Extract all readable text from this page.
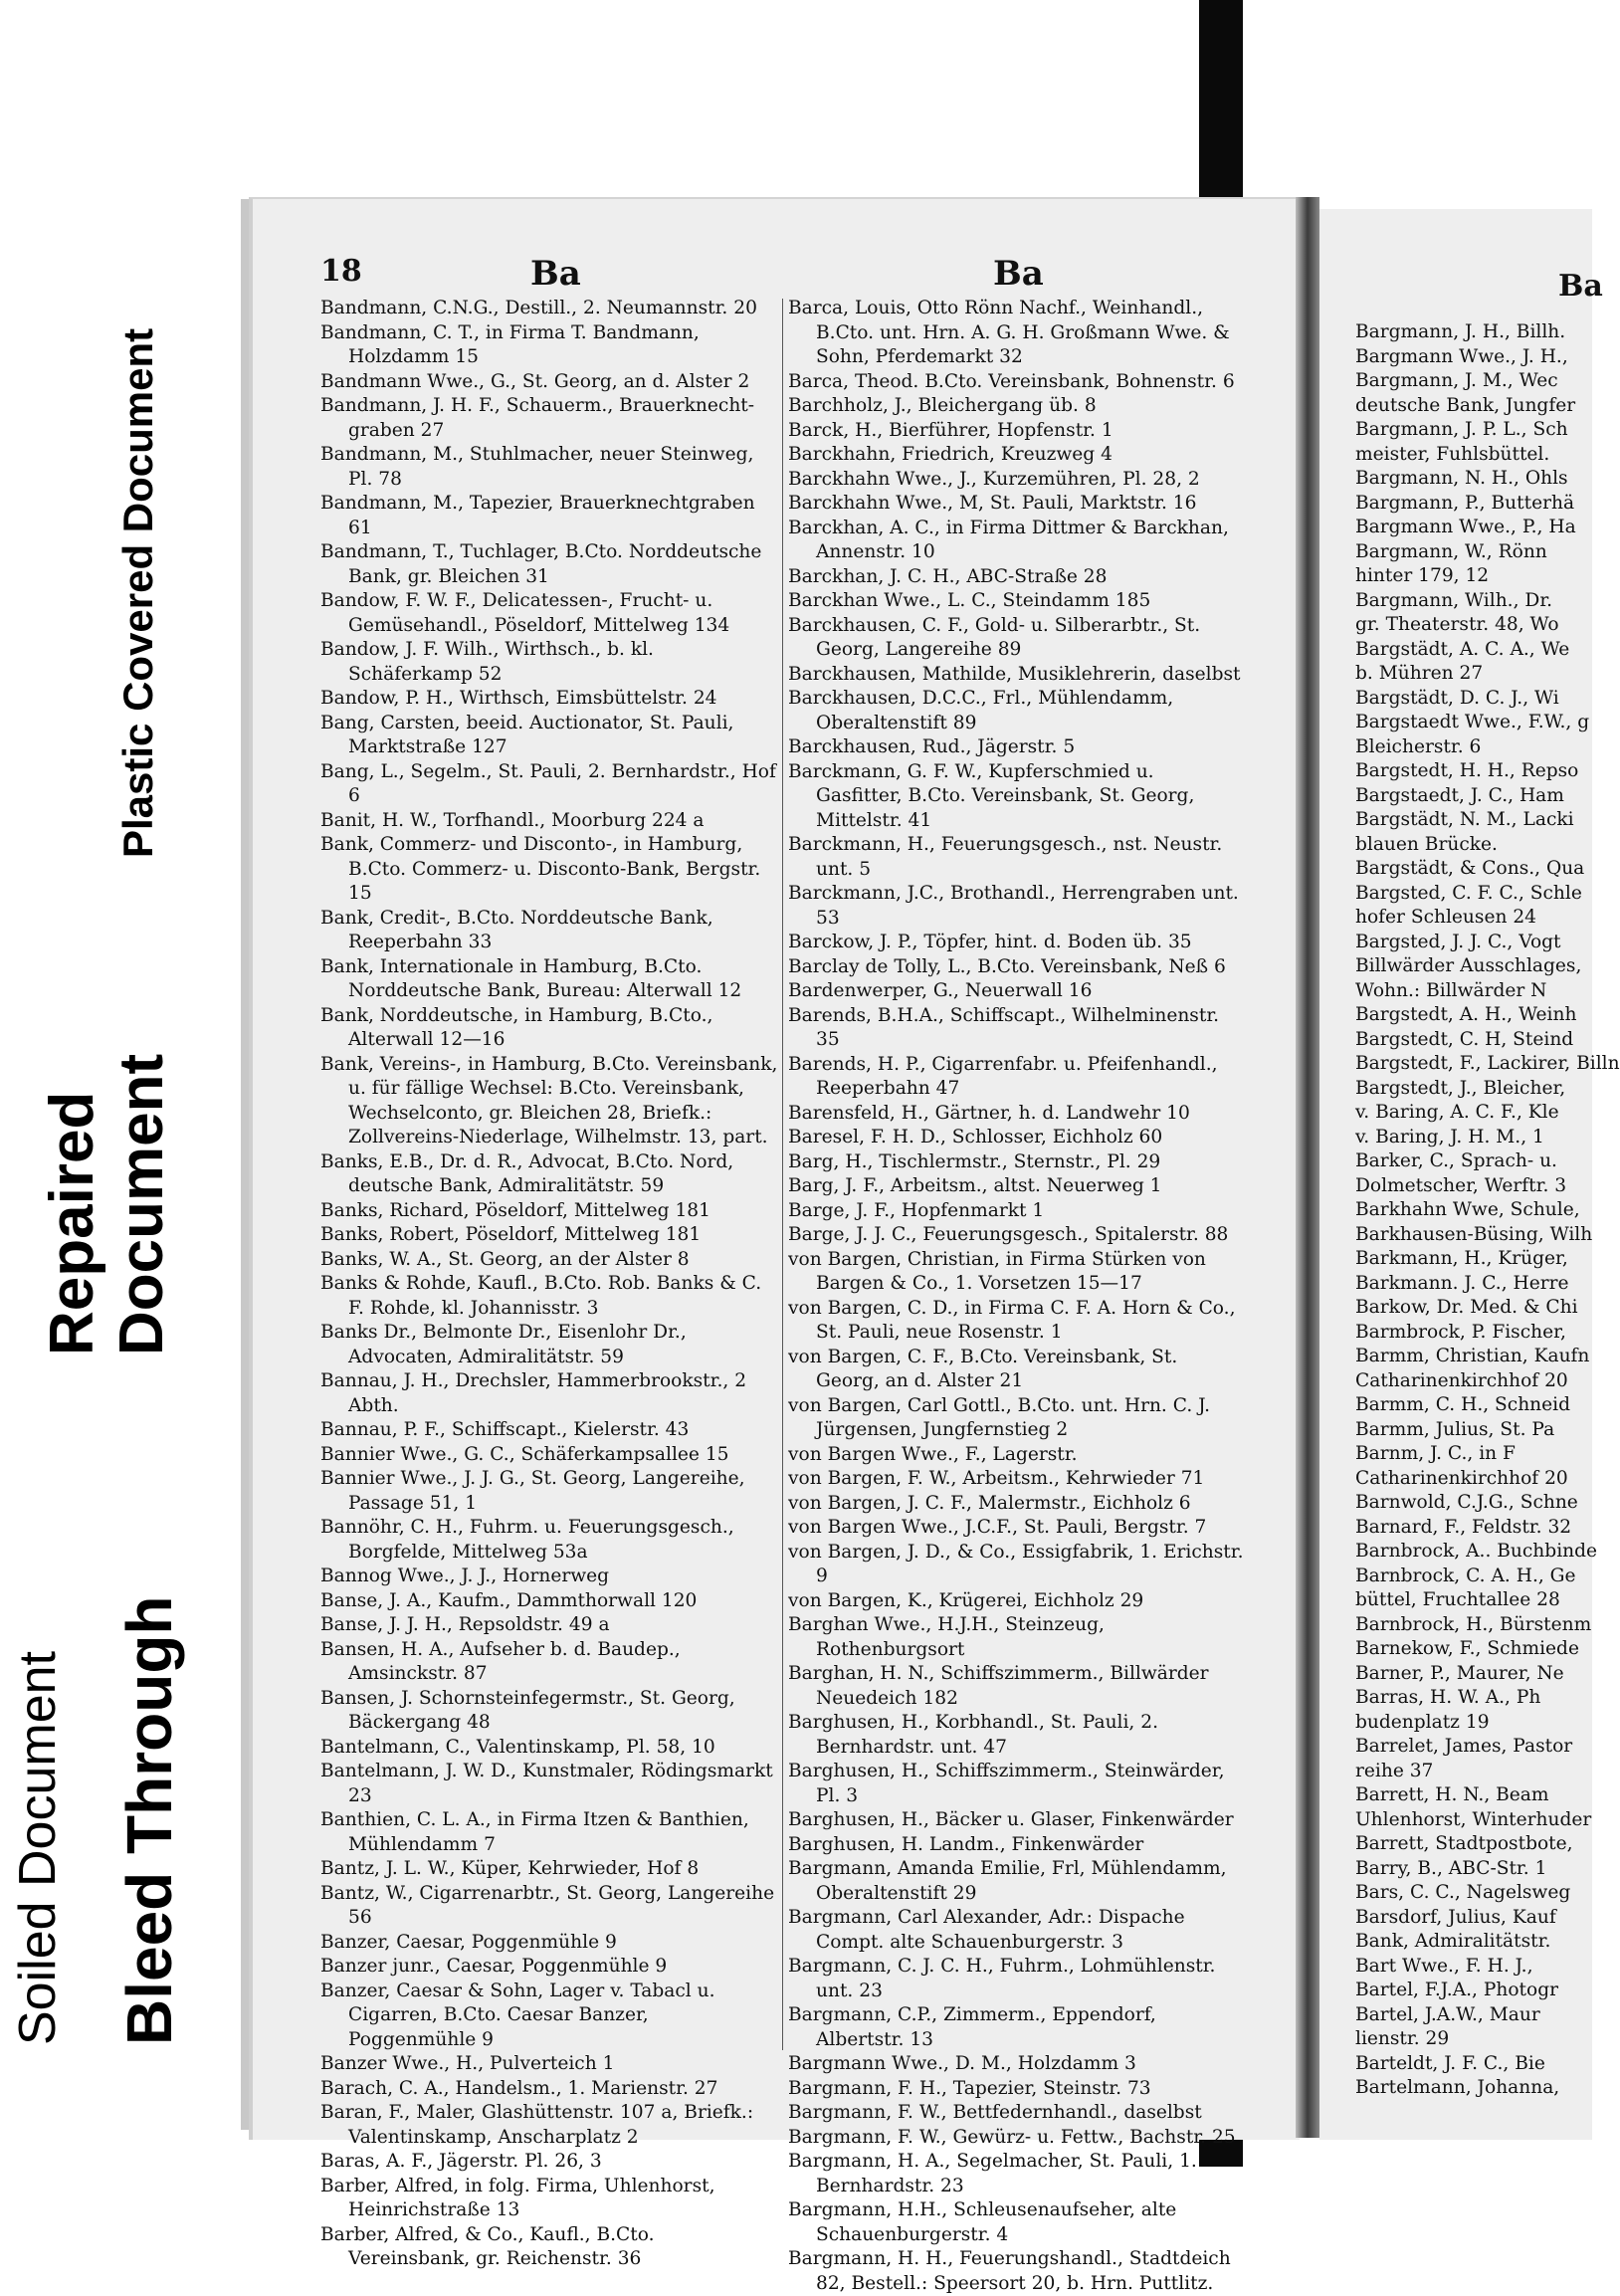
Plastic Covered Document
Repaired Document
Soiled Document Bleed Through
18	Ba	Ba	Ba
Bandmann, C.N.G., Destill., 2. Neumannstr. 20
Bandmann, C. T., in Firma T. Bandmann, Holzdamm 15
Bandmann Wwe., G., St. Georg, an d. Alster 2
Bandmann, J. H. F., Schauerm., Brauerknecht-graben 27
Bandmann, M., Stuhlmacher, neuer Steinweg, Pl. 78
Bandmann, M., Tapezier, Brauerknechtgraben 61
Bandmann, T., Tuchlager, B.Cto. Norddeutsche Bank, gr. Bleichen 31
Bandow, F. W. F., Delicatessen-, Frucht- u. Gemüsehandl., Pöseldorf, Mittelweg 134
Bandow, J. F. Wilh., Wirthsch., b. kl. Schäferkamp 52
Bandow, P. H., Wirthsch, Eimsbüttelstr. 24
Bang, Carsten, beeid. Auctionator, St. Pauli, Marktstraße 127
Bang, L., Segelm., St. Pauli, 2. Bernhardstr., Hof 6
Banit, H. W., Torfhandl., Moorburg 224 a
Bank, Commerz- und Disconto-, in Hamburg, B.Cto. Commerz- u. Disconto-Bank, Bergstr. 15
Bank, Credit-, B.Cto. Norddeutsche Bank, Reeperbahn 33
Bank, Internationale in Hamburg, B.Cto. Norddeutsche Bank, Bureau: Alterwall 12
Bank, Norddeutsche, in Hamburg, B.Cto., Alterwall 12—16
Bank, Vereins-, in Hamburg, B.Cto. Vereinsbank, u. für fällige Wechsel: B.Cto. Vereinsbank, Wechselconto, gr. Bleichen 28, Briefk.: Zollvereins-Niederlage, Wilhelmstr. 13, part.
Banks, E.B., Dr. d. R., Advocat, B.Cto. Nord, deutsche Bank, Admiralitätstr. 59
Banks, Richard, Pöseldorf, Mittelweg 181
Banks, Robert, Pöseldorf, Mittelweg 181
Banks, W. A., St. Georg, an der Alster 8
Banks & Rohde, Kaufl., B.Cto. Rob. Banks & C. F. Rohde, kl. Johannisstr. 3
Banks Dr., Belmonte Dr., Eisenlohr Dr., Advocaten, Admiralitätstr. 59
Bannau, J. H., Drechsler, Hammerbrookstr., 2 Abth.
Bannau, P. F., Schiffscapt., Kielerstr. 43
Bannier Wwe., G. C., Schäferkampsallee 15
Bannier Wwe., J. J. G., St. Georg, Langereihe, Passage 51, 1
Bannöhr, C. H., Fuhrm. u. Feuerungsgesch., Borgfelde, Mittelweg 53a
Bannog Wwe., J. J., Hornerweg
Banse, J. A., Kaufm., Dammthorwall 120
Banse, J. J. H., Repsoldstr. 49 a
Bansen, H. A., Aufseher b. d. Baudep., Amsinckstr. 87
Bansen, J. Schornsteinfegermstr., St. Georg, Bäckergang 48
Bantelmann, C., Valentinskamp, Pl. 58, 10
Bantelmann, J. W. D., Kunstmaler, Rödingsmarkt 23
Banthien, C. L. A., in Firma Itzen & Banthien, Mühlendamm 7
Bantz, J. L. W., Küper, Kehrwieder, Hof 8
Bantz, W., Cigarrenarbtr., St. Georg, Langereihe 56
Banzer, Caesar, Poggenmühle 9
Banzer junr., Caesar, Poggenmühle 9
Banzer, Caesar & Sohn, Lager v. Tabacl u. Cigarren, B.Cto. Caesar Banzer, Poggenmühle 9
Banzer Wwe., H., Pulverteich 1
Barach, C. A., Handelsm., 1. Marienstr. 27
Baran, F., Maler, Glashüttenstr. 107 a, Briefk.: Valentinskamp, Anscharplatz 2
Baras, A. F., Jägerstr. Pl. 26, 3
Barber, Alfred, in folg. Firma, Uhlenhorst, Heinrichstraße 13
Barber, Alfred, & Co., Kaufl., B.Cto. Vereinsbank, gr. Reichenstr. 36
Barca, Louis, Otto Rönn Nachf., Weinhandl., B.Cto. unt. Hrn. A. G. H. Großmann Wwe. & Sohn, Pferdemarkt 32
Barca, Theod. B.Cto. Vereinsbank, Bohnenstr. 6
Barchholz, J., Bleichergang üb. 8
Barck, H., Bierführer, Hopfenstr. 1
Barckhahn, Friedrich, Kreuzweg 4
Barckhahn Wwe., J., Kurzemühren, Pl. 28, 2
Barckhahn Wwe., M, St. Pauli, Marktstr. 16
Barckhan, A. C., in Firma Dittmer & Barckhan, Annenstr. 10
Barckhan, J. C. H., ABC-Straße 28
Barckhan Wwe., L. C., Steindamm 185
Barckhausen, C. F., Gold- u. Silberarbtr., St. Georg, Langereihe 89
Barckhausen, Mathilde, Musiklehrerin, daselbst
Barckhausen, D.C.C., Frl., Mühlendamm, Oberaltenstift 89
Barckhausen, Rud., Jägerstr. 5
Barckmann, G. F. W., Kupferschmied u. Gasfitter, B.Cto. Vereinsbank, St. Georg, Mittelstr. 41
Barckmann, H., Feuerungsgesch., nst. Neustr. unt. 5
Barckmann, J.C., Brothandl., Herrengraben unt. 53
Barckow, J. P., Töpfer, hint. d. Boden üb. 35
Barclay de Tolly, L., B.Cto. Vereinsbank, Neß 6
Bardenwerper, G., Neuerwall 16
Barends, B.H.A., Schiffscapt., Wilhelminenstr. 35
Barends, H. P., Cigarrenfabr. u. Pfeifenhandl., Reeperbahn 47
Barensfeld, H., Gärtner, h. d. Landwehr 10
Baresel, F. H. D., Schlosser, Eichholz 60
Barg, H., Tischlermstr., Sternstr., Pl. 29
Barg, J. F., Arbeitsm., altst. Neuerweg 1
Barge, J. F., Hopfenmarkt 1
Barge, J. J. C., Feuerungsgesch., Spitalerstr. 88
von Bargen, Christian, in Firma Stürken von Bargen & Co., 1. Vorsetzen 15—17
von Bargen, C. D., in Firma C. F. A. Horn & Co., St. Pauli, neue Rosenstr. 1
von Bargen, C. F., B.Cto. Vereinsbank, St. Georg, an d. Alster 21
von Bargen, Carl Gottl., B.Cto. unt. Hrn. C. J. Jürgensen, Jungfernstieg 2
von Bargen Wwe., F., Lagerstr.
von Bargen, F. W., Arbeitsm., Kehrwieder 71
von Bargen, J. C. F., Malermstr., Eichholz 6
von Bargen Wwe., J.C.F., St. Pauli, Bergstr. 7
von Bargen, J. D., & Co., Essigfabrik, 1. Erichstr. 9
von Bargen, K., Krügerei, Eichholz 29
Barghan Wwe., H.J.H., Steinzeug, Rothenburgsort
Barghan, H. N., Schiffszimmerm., Billwärder Neuedeich 182
Barghusen, H., Korbhandl., St. Pauli, 2. Bernhardstr. unt. 47
Barghusen, H., Schiffszimmerm., Steinwärder, Pl. 3
Barghusen, H., Bäcker u. Glaser, Finkenwärder
Barghusen, H. Landm., Finkenwärder
Bargmann, Amanda Emilie, Frl, Mühlendamm, Oberaltenstift 29
Bargmann, Carl Alexander, Adr.: Dispache Compt. alte Schauenburgerstr. 3
Bargmann, C. J. C. H., Fuhrm., Lohmühlenstr. unt. 23
Bargmann, C.P., Zimmerm., Eppendorf, Albertstr. 13
Bargmann Wwe., D. M., Holzdamm 3
Bargmann, F. H., Tapezier, Steinstr. 73
Bargmann, F. W., Bettfedernhandl., daselbst
Bargmann, F. W., Gewürz- u. Fettw., Bachstr. 25
Bargmann, H. A., Segelmacher, St. Pauli, 1. Bernhardstr. 23
Bargmann, H.H., Schleusenaufseher, alte Schauenburgerstr. 4
Bargmann, H. H., Feuerungshandl., Stadtdeich 82, Bestell.: Speersort 20, b. Hrn. Puttlitz.
Bargmann, J. H., Billh.
Bargmann Wwe., J. H.,
Bargmann, J. M., Wec
deutsche Bank, Jungfer
Bargmann, J. P. L., Sch
meister, Fuhlsbüttel.
Bargmann, N. H., Ohls
Bargmann, P., Butterhä
Bargmann Wwe., P., Ha
Bargmann, W., Rönn
hinter 179, 12
Bargmann, Wilh., Dr.
gr. Theaterstr. 48, Wo
Bargstädt, A. C. A., We
b. Mühren 27
Bargstädt, D. C. J., Wi
Bargstaedt Wwe., F.W., g
Bleicherstr. 6
Bargstedt, H. H., Repso
Bargstaedt, J. C., Ham
Bargstädt, N. M., Lacki
blauen Brücke.
Bargstädt, & Cons., Qua
Bargsted, C. F. C., Schle
hofer Schleusen 24
Bargsted, J. J. C., Vogt
Billwärder Ausschlages,
Wohn.: Billwärder N
Bargstedt, A. H., Weinh
Bargstedt, C. H, Steind
Bargstedt, F., Lackirer, Billn
Bargstedt, J., Bleicher,
v. Baring, A. C. F., Kle
v. Baring, J. H. M., 1
Barker, C., Sprach- u.
Dolmetscher, Werftr. 3
Barkhahn Wwe, Schule,
Barkhausen-Büsing, Wilh
Barkmann, H., Krüger,
Barkmann. J. C., Herre
Barkow, Dr. Med. & Chi
Barmbrock, P. Fischer,
Barmm, Christian, Kaufn
Catharinenkirchhof 20
Barmm, C. H., Schneid
Barmm, Julius, St. Pa
Barnm, J. C., in F
Catharinenkirchhof 20
Barnwold, C.J.G., Schne
Barnard, F., Feldstr. 32
Barnbrock, A.. Buchbinde
Barnbrock, C. A. H., Ge
büttel, Fruchtallee 28
Barnbrock, H., Bürstenm
Barnekow, F., Schmiede
Barner, P., Maurer, Ne
Barras, H. W. A., Ph
budenplatz 19
Barrelet, James, Pastor
reihe 37
Barrett, H. N., Beam
Uhlenhorst, Winterhuder
Barrett, Stadtpostbote,
Barry, B., ABC-Str. 1
Bars, C. C., Nagelsweg
Barsdorf, Julius, Kauf
Bank, Admiralitätstr.
Bart Wwe., F. H. J.,
Bartel, F.J.A., Photogr
Bartel, J.A.W., Maur
lienstr. 29
Barteldt, J. F. C., Bie
Bartelmann, Johanna,
